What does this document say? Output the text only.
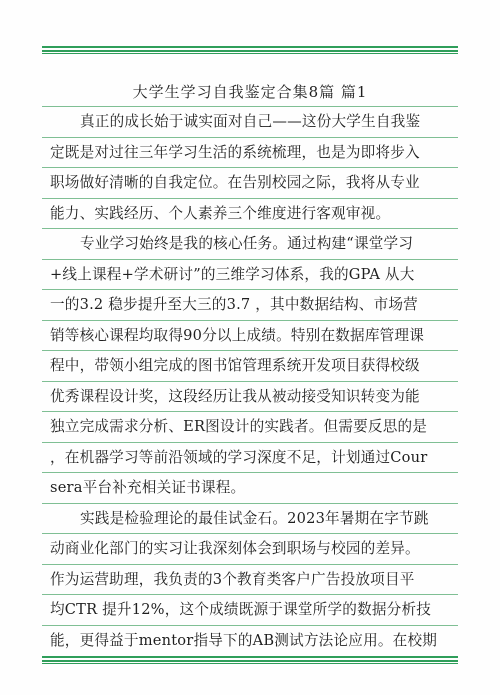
大学生学习自我鉴定合集8篇 篇1
真正的成长始于诚实面对自己——这份大学生自我鉴
定既是对过往三年学习生活的系统梳理，也是为即将步入
职场做好清晰的自我定位。在告别校园之际，我将从专业
能力、实践经历、个人素养三个维度进行客观审视。
专业学习始终是我的核心任务。通过构建“课堂学习
+线上课程+学术研讨”的三维学习体系，我的GPA 从大
一的3.2 稳步提升至大三的3.7 ，其中数据结构、市场营
销等核心课程均取得90分以上成绩。特别在数据库管理课
程中，带领小组完成的图书馆管理系统开发项目获得校级
优秀课程设计奖，这段经历让我从被动接受知识转变为能
独立完成需求分析、ER图设计的实践者。但需要反思的是
，在机器学习等前沿领域的学习深度不足，计划通过Cour
sera平台补充相关证书课程。
实践是检验理论的最佳试金石。2023年暑期在字节跳
动商业化部门的实习让我深刻体会到职场与校园的差异。
作为运营助理，我负责的3个教育类客户广告投放项目平
均CTR 提升12%，这个成绩既源于课堂所学的数据分析技
能，更得益于mentor指导下的AB测试方法论应用。在校期
